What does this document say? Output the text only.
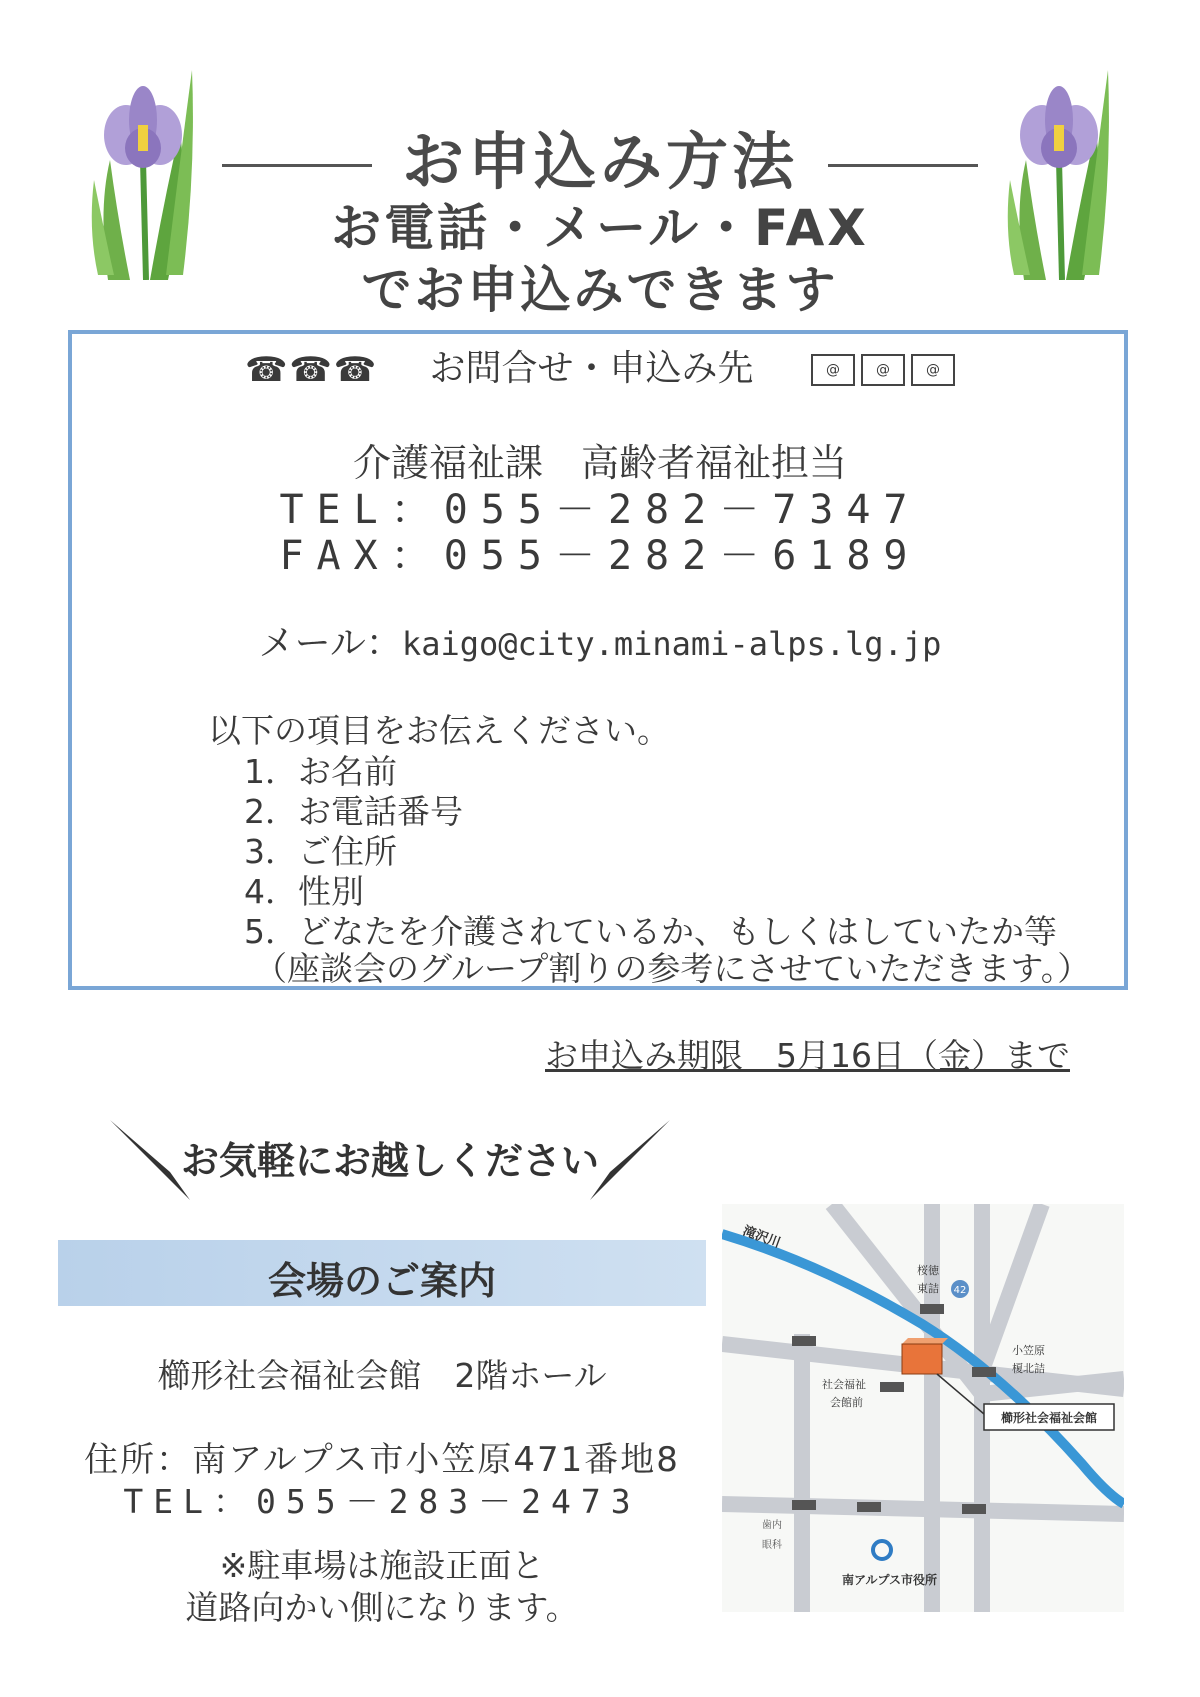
お申込み方法
お電話・メール・FAX
でお申込みできます
☎☎☎ お問合せ・申込み先	@	@	@
介護福祉課　高齢者福祉担当
TEL：055－282－7347
FAX：055－282－6189
メール：kaigo@city.minami-alps.lg.jp
以下の項目をお伝えください。
1．お名前
2．お電話番号
3．ご住所
4．性別
5．どなたを介護されているか、もしくはしていたか等
（座談会のグループ割りの参考にさせていただきます。）
お申込み期限　5月16日（金）まで
お気軽にお越しください
会場のご案内
櫛形社会福祉会館　2階ホール
住所：南アルプス市小笠原471番地8
TEL：055－283－2473
※駐車場は施設正面と
道路向かい側になります。
滝沢川
桜徳
東詰 42
小笠原
榎北詰
社会福祉
会館前
櫛形社会福祉会館
歯内
眼科
南アルプス市役所
